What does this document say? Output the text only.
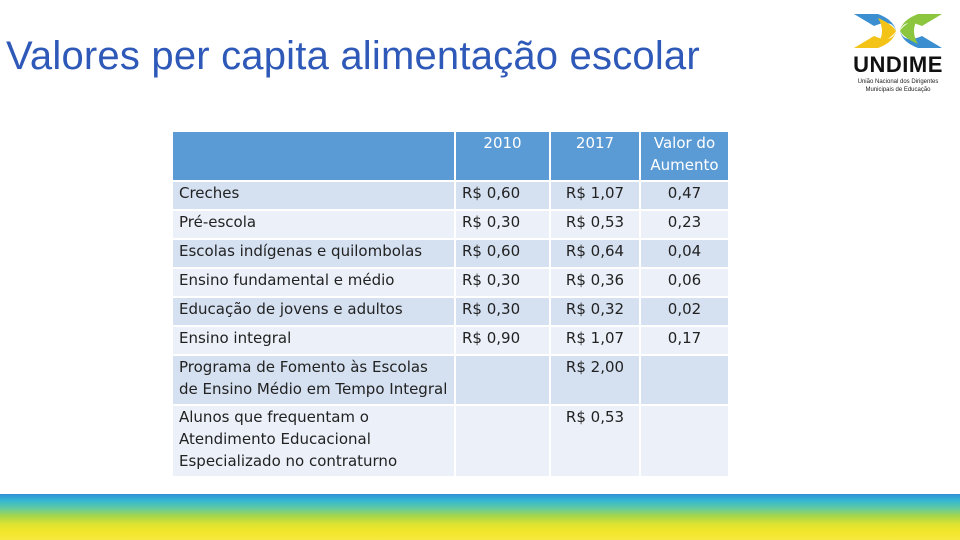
Valores per capita alimentação escolar	UNDIME
União Nacional dos Dirigentes
Municipais de Educação
	2010	2017	Valor do Aumento
Creches	R$ 0,60	R$ 1,07	0,47
Pré-escola	R$ 0,30	R$ 0,53	0,23
Escolas indígenas e quilombolas	R$ 0,60	R$ 0,64	0,04
Ensino fundamental e médio	R$ 0,30	R$ 0,36	0,06
Educação de jovens e adultos	R$ 0,30	R$ 0,32	0,02
Ensino integral	R$ 0,90	R$ 1,07	0,17
Programa de Fomento às Escolas de Ensino Médio em Tempo Integral		R$ 2,00	
Alunos que frequentam o Atendimento Educacional Especializado no contraturno		R$ 0,53	
